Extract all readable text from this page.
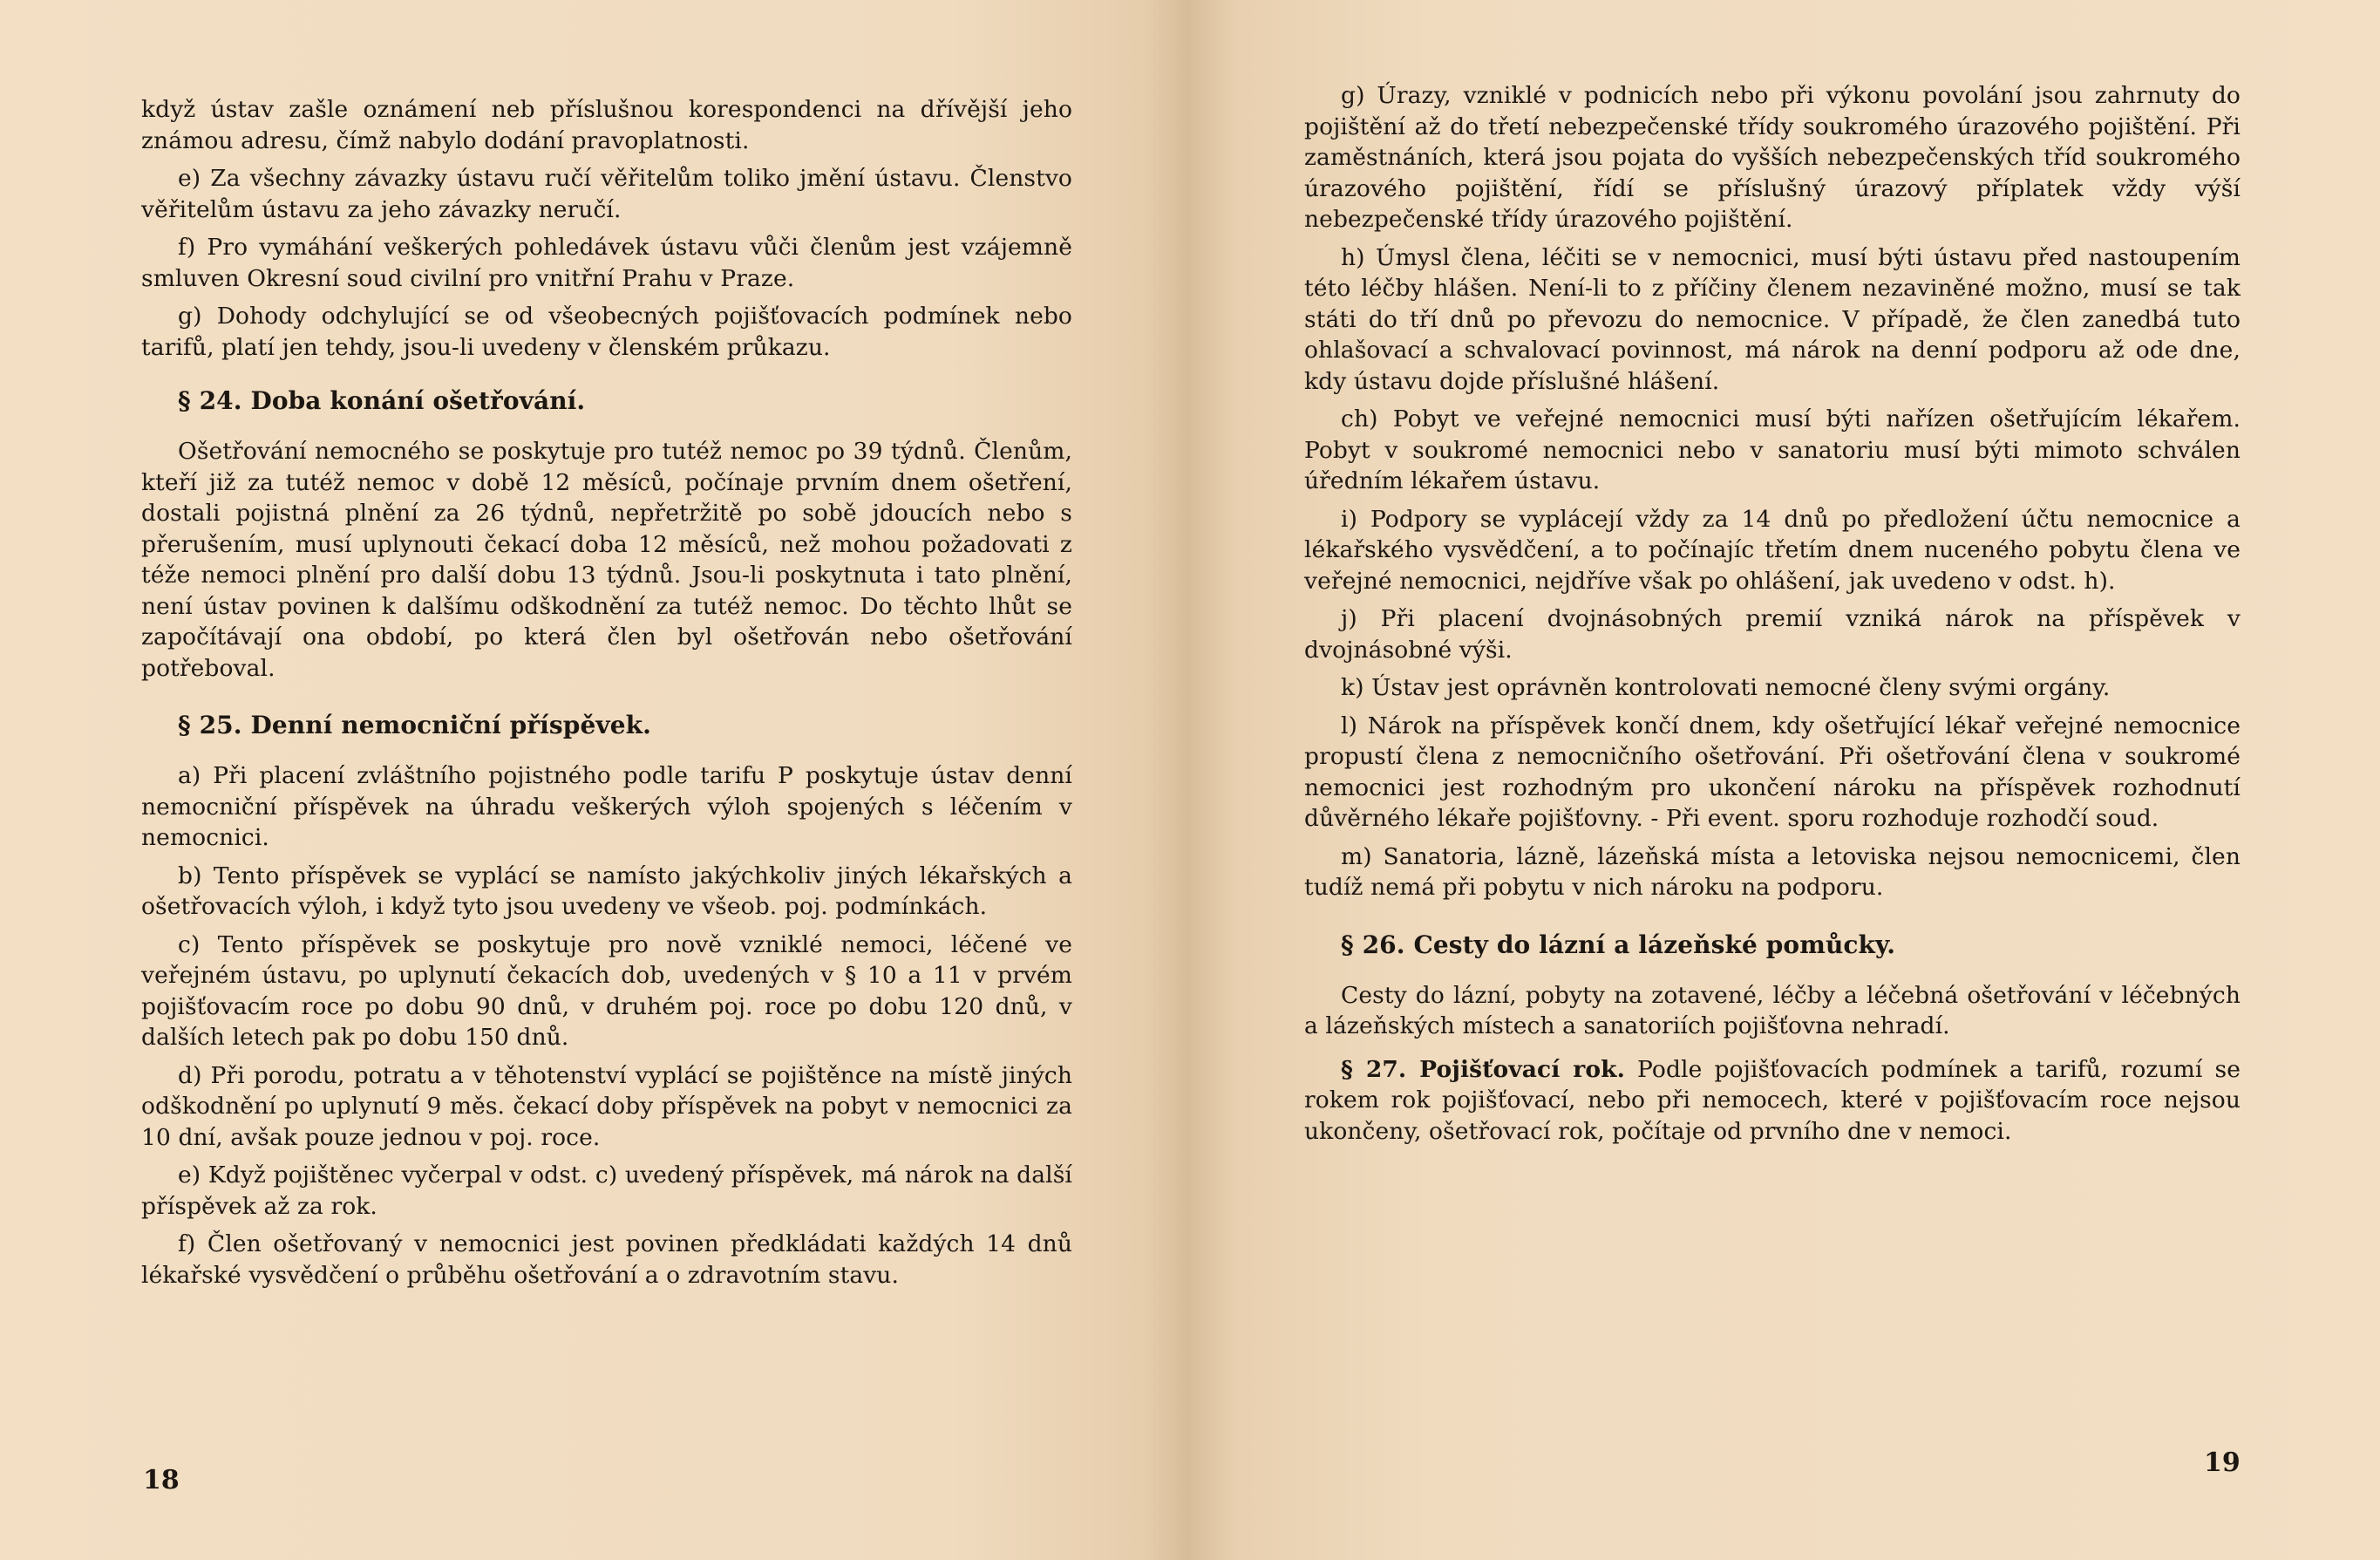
když ústav zašle oznámení neb příslušnou korespondenci na dřívější jeho známou adresu, čímž nabylo dodání pravoplatnosti.

e) Za všechny závazky ústavu ručí věřitelům toliko jmění ústavu. Členstvo věřitelům ústavu za jeho závazky neručí.

f) Pro vymáhání veškerých pohledávek ústavu vůči členům jest vzájemně smluven Okresní soud civilní pro vnitřní Prahu v Praze.

g) Dohody odchylující se od všeobecných pojišťovacích podmínek nebo tarifů, platí jen tehdy, jsou-li uvedeny v členském průkazu.

§ 24. Doba konání ošetřování.

Ošetřování nemocného se poskytuje pro tutéž nemoc po 39 týdnů. Členům, kteří již za tutéž nemoc v době 12 měsíců, počínaje prvním dnem ošetření, dostali pojistná plnění za 26 týdnů, nepřetržitě po sobě jdoucích nebo s přerušením, musí uplynouti čekací doba 12 měsíců, než mohou požadovati z téže nemoci plnění pro další dobu 13 týdnů. Jsou-li poskytnuta i tato plnění, není ústav povinen k dalšímu odškodnění za tutéž nemoc. Do těchto lhůt se započítávají ona období, po která člen byl ošetřován nebo ošetřování potřeboval.

§ 25. Denní nemocniční příspěvek.

a) Při placení zvláštního pojistného podle tarifu P poskytuje ústav denní nemocniční příspěvek na úhradu veškerých výloh spojených s léčením v nemocnici.

b) Tento příspěvek se vyplácí se namísto jakýchkoliv jiných lékařských a ošetřovacích výloh, i když tyto jsou uvedeny ve všeob. poj. podmínkách.

c) Tento příspěvek se poskytuje pro nově vzniklé nemoci, léčené ve veřejném ústavu, po uplynutí čekacích dob, uvedených v § 10 a 11 v prvém pojišťovacím roce po dobu 90 dnů, v druhém poj. roce po dobu 120 dnů, v dalších letech pak po dobu 150 dnů.

d) Při porodu, potratu a v těhotenství vyplácí se pojištěnce na místě jiných odškodnění po uplynutí 9 měs. čekací doby příspěvek na pobyt v nemocnici za 10 dní, avšak pouze jednou v poj. roce.

e) Když pojištěnec vyčerpal v odst. c) uvedený příspěvek, má nárok na další příspěvek až za rok.

f) Člen ošetřovaný v nemocnici jest povinen předkládati každých 14 dnů lékařské vysvědčení o průběhu ošetřování a o zdravotním stavu.

18

g) Úrazy, vzniklé v podnicích nebo při výkonu povolání jsou zahrnuty do pojištění až do třetí nebezpečenské třídy soukromého úrazového pojištění. Při zaměstnáních, která jsou pojata do vyšších nebezpečenských tříd soukromého úrazového pojištění, řídí se příslušný úrazový příplatek vždy výší nebezpečenské třídy úrazového pojištění.

h) Úmysl člena, léčiti se v nemocnici, musí býti ústavu před nastoupením této léčby hlášen. Není-li to z příčiny členem nezaviněné možno, musí se tak státi do tří dnů po převozu do nemocnice. V případě, že člen zanedbá tuto ohlašovací a schvalovací povinnost, má nárok na denní podporu až ode dne, kdy ústavu dojde příslušné hlášení.

ch) Pobyt ve veřejné nemocnici musí býti nařízen ošetřujícím lékařem. Pobyt v soukromé nemocnici nebo v sanatoriu musí býti mimoto schválen úředním lékařem ústavu.

i) Podpory se vyplácejí vždy za 14 dnů po předložení účtu nemocnice a lékařského vysvědčení, a to počínajíc třetím dnem nuceného pobytu člena ve veřejné nemocnici, nejdříve však po ohlášení, jak uvedeno v odst. h).

j) Při placení dvojnásobných premií vzniká nárok na příspěvek v dvojnásobné výši.

k) Ústav jest oprávněn kontrolovati nemocné členy svými orgány.

l) Nárok na příspěvek končí dnem, kdy ošetřující lékař veřejné nemocnice propustí člena z nemocničního ošetřování. Při ošetřování člena v soukromé nemocnici jest rozhodným pro ukončení nároku na příspěvek rozhodnutí důvěrného lékaře pojišťovny. - Při event. sporu rozhoduje rozhodčí soud.

m) Sanatoria, lázně, lázeňská místa a letoviska nejsou nemocnicemi, člen tudíž nemá při pobytu v nich nároku na podporu.

§ 26. Cesty do lázní a lázeňské pomůcky.

Cesty do lázní, pobyty na zotavené, léčby a léčebná ošetřování v léčebných a lázeňských místech a sanatoriích pojišťovna nehradí.

§ 27. Pojišťovací rok. Podle pojišťovacích podmínek a tarifů, rozumí se rokem rok pojišťovací, nebo při nemocech, které v pojišťovacím roce nejsou ukončeny, ošetřovací rok, počítaje od prvního dne v nemoci.

19
